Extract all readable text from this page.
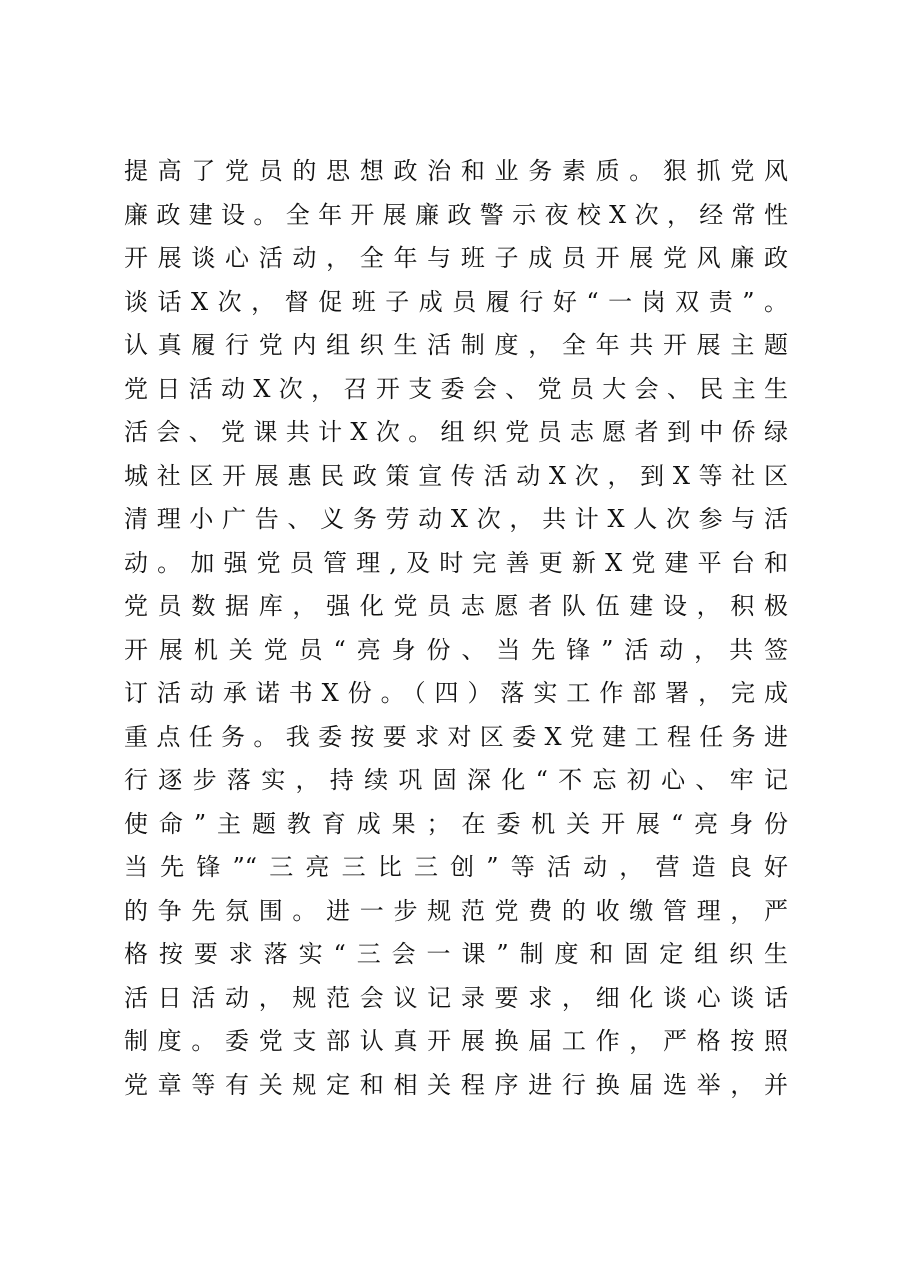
提高了党员的思想政治和业务素质。狠抓党风
廉政建设。全年开展廉政警示夜校X次，经常性
开展谈心活动，全年与班子成员开展党风廉政
谈话X次，督促班子成员履行好“一岗双责”。
认真履行党内组织生活制度，全年共开展主题
党日活动X次，召开支委会、党员大会、民主生
活会、党课共计X次。组织党员志愿者到中侨绿
城社区开展惠民政策宣传活动X次，到X等社区
清理小广告、义务劳动X次，共计X人次参与活
动。加强党员管理,及时完善更新X党建平台和
党员数据库，强化党员志愿者队伍建设，积极
开展机关党员“亮身份、当先锋”活动，共签
订活动承诺书X份。（四）落实工作部署，完成
重点任务。我委按要求对区委X党建工程任务进
行逐步落实，持续巩固深化“不忘初心、牢记
使命”主题教育成果；在委机关开展“亮身份
当先锋”“三亮三比三创”等活动，营造良好
的争先氛围。进一步规范党费的收缴管理，严
格按要求落实“三会一课”制度和固定组织生
活日活动，规范会议记录要求，细化谈心谈话
制度。委党支部认真开展换届工作，严格按照
党章等有关规定和相关程序进行换届选举，并
